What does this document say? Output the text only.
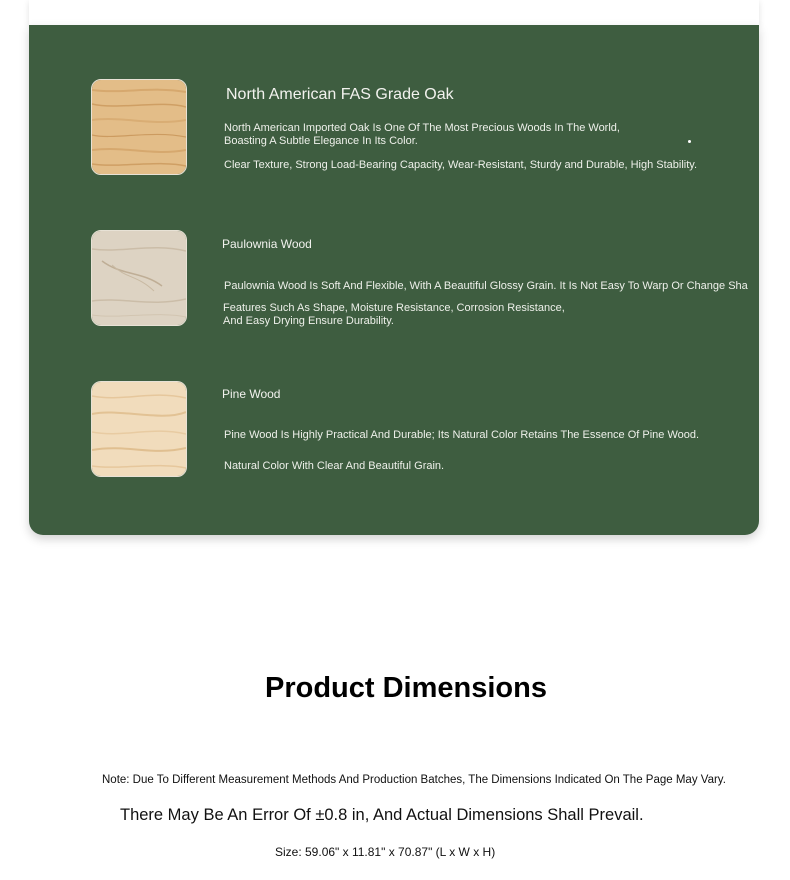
North American FAS Grade Oak
North American Imported Oak Is One Of The Most Precious Woods In The World,
Boasting A Subtle Elegance In Its Color.
Clear Texture, Strong Load-Bearing Capacity, Wear-Resistant, Sturdy and Durable, High Stability.
Paulownia Wood
Paulownia Wood Is Soft And Flexible, With A Beautiful Glossy Grain. It Is Not Easy To Warp Or Change Sha
Features Such As Shape, Moisture Resistance, Corrosion Resistance,
And Easy Drying Ensure Durability.
Pine Wood
Pine Wood Is Highly Practical And Durable; Its Natural Color Retains The Essence Of Pine Wood.
Natural Color With Clear And Beautiful Grain.
Product Dimensions
Note: Due To Different Measurement Methods And Production Batches, The Dimensions Indicated On The Page May Vary.
There May Be An Error Of ±0.8 in, And Actual Dimensions Shall Prevail.
Size: 59.06" x 11.81" x 70.87" (L x W x H)
